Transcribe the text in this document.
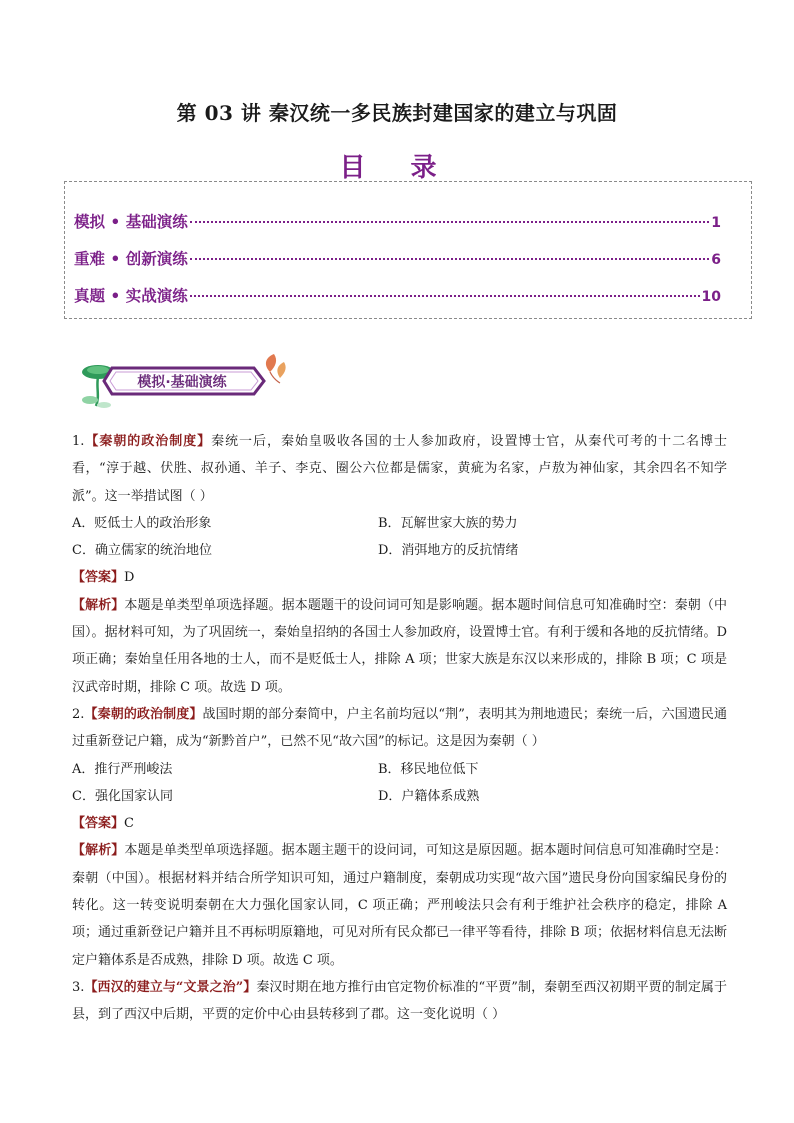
第 03 讲 秦汉统一多民族封建国家的建立与巩固
目 录
模拟 • 基础演练	1
重难 • 创新演练	6
真题 • 实战演练	10
模拟·基础演练

1.【秦朝的政治制度】秦统一后，秦始皇吸收各国的士人参加政府，设置博士官，从秦代可考的十二名博士看，“淳于越、伏胜、叔孙通、羊子、李克、圈公六位都是儒家，黄疵为名家，卢敖为神仙家，其余四名不知学派”。这一举措试图（ ）

A．贬低士人的政治形象	B．瓦解世家大族的势力
C．确立儒家的统治地位	D．消弭地方的反抗情绪

【答案】D

【解析】本题是单类型单项选择题。据本题题干的设问词可知是影响题。据本题时间信息可知准确时空：秦朝（中国）。据材料可知，为了巩固统一，秦始皇招纳的各国士人参加政府，设置博士官。有利于缓和各地的反抗情绪。D 项正确；秦始皇任用各地的士人，而不是贬低士人，排除 A 项；世家大族是东汉以来形成的，排除 B 项；C 项是汉武帝时期，排除 C 项。故选 D 项。

2.【秦朝的政治制度】战国时期的部分秦简中，户主名前均冠以“荆”，表明其为荆地遗民；秦统一后，六国遗民通过重新登记户籍，成为“新黔首户”，已然不见“故六国”的标记。这是因为秦朝（ ）

A．推行严刑峻法	B．移民地位低下
C．强化国家认同	D．户籍体系成熟

【答案】C

【解析】本题是单类型单项选择题。据本题主题干的设问词，可知这是原因题。据本题时间信息可知准确时空是：秦朝（中国）。根据材料并结合所学知识可知，通过户籍制度，秦朝成功实现“故六国”遗民身份向国家编民身份的转化。这一转变说明秦朝在大力强化国家认同，C 项正确；严刑峻法只会有利于维护社会秩序的稳定，排除 A 项；通过重新登记户籍并且不再标明原籍地，可见对所有民众都已一律平等看待，排除 B 项；依据材料信息无法断定户籍体系是否成熟，排除 D 项。故选 C 项。

3.【西汉的建立与“文景之治”】秦汉时期在地方推行由官定物价标准的“平贾”制，秦朝至西汉初期平贾的制定属于县，到了西汉中后期，平贾的定价中心由县转移到了郡。这一变化说明（ ）
